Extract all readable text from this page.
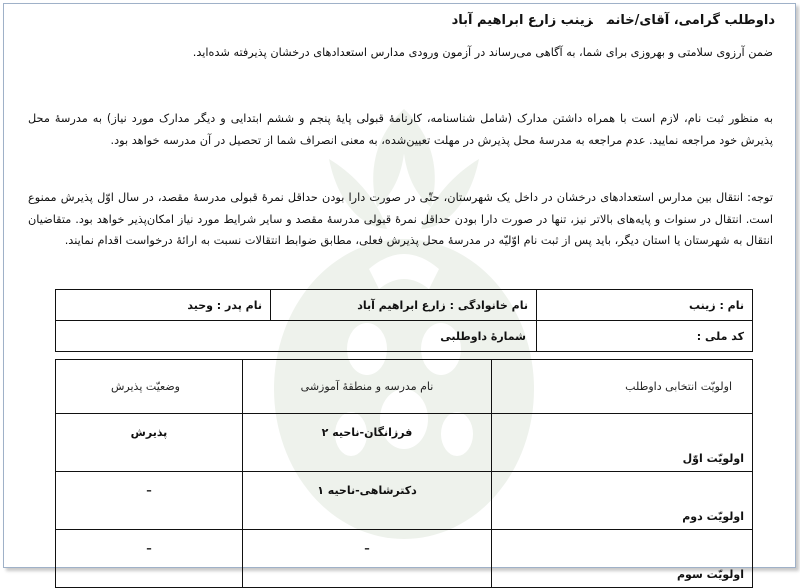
داوطلب گرامی، آقای/خانمزینب زارع ابراهیم آباد

ضمن آرزوی سلامتی و بهروزی برای شما، به آگاهی می‌رساند در آزمون ورودی مدارس استعدادهای درخشان پذیرفته شده‌اید.

به منظور ثبت نام، لازم است با همراه داشتن مدارک (شامل شناسنامه، کارنامۀ قبولی پایۀ پنجم و ششم ابتدایی و دیگر مدارک مورد نیاز) به مدرسۀ محل پذیرش خود مراجعه نمایید. عدم مراجعه به مدرسۀ محل پذیرش در مهلت تعیین‌شده، به معنی انصراف شما از تحصیل در آن مدرسه خواهد بود.

توجه: انتقال بین مدارس استعدادهای درخشان در داخل یک شهرستان، حتّی در صورت دارا بودن حداقل نمرۀ قبولی مدرسۀ مقصد، در سال اوّل پذیرش ممنوع است. انتقال در سنوات و پایه‌های بالاتر نیز، تنها در صورت دارا بودن حداقل نمرۀ قبولی مدرسۀ مقصد و سایر شرایط مورد نیاز امکان‌پذیر خواهد بود. متقاضیان انتقال به شهرستان یا استان دیگر، باید پس از ثبت نام اوّلیّه در مدرسۀ محل پذیرش فعلی، مطابق ضوابط انتقالات نسبت به ارائۀ درخواست اقدام نمایند.

نام : زینب	نام خانوادگی : زارع ابراهیم آباد	نام پدر : وحید
کد ملی :	شمارۀ داوطلبی	
اولویّت انتخابی داوطلب	نام مدرسه و منطقۀ آموزشی	وضعیّت پذیرش
اولویّت اوّل	فرزانگان-ناحیه ۲	پذیرش
اولویّت دوم	دکترشاهی-ناحیه ۱	–
اولویّت سوم	–	–
